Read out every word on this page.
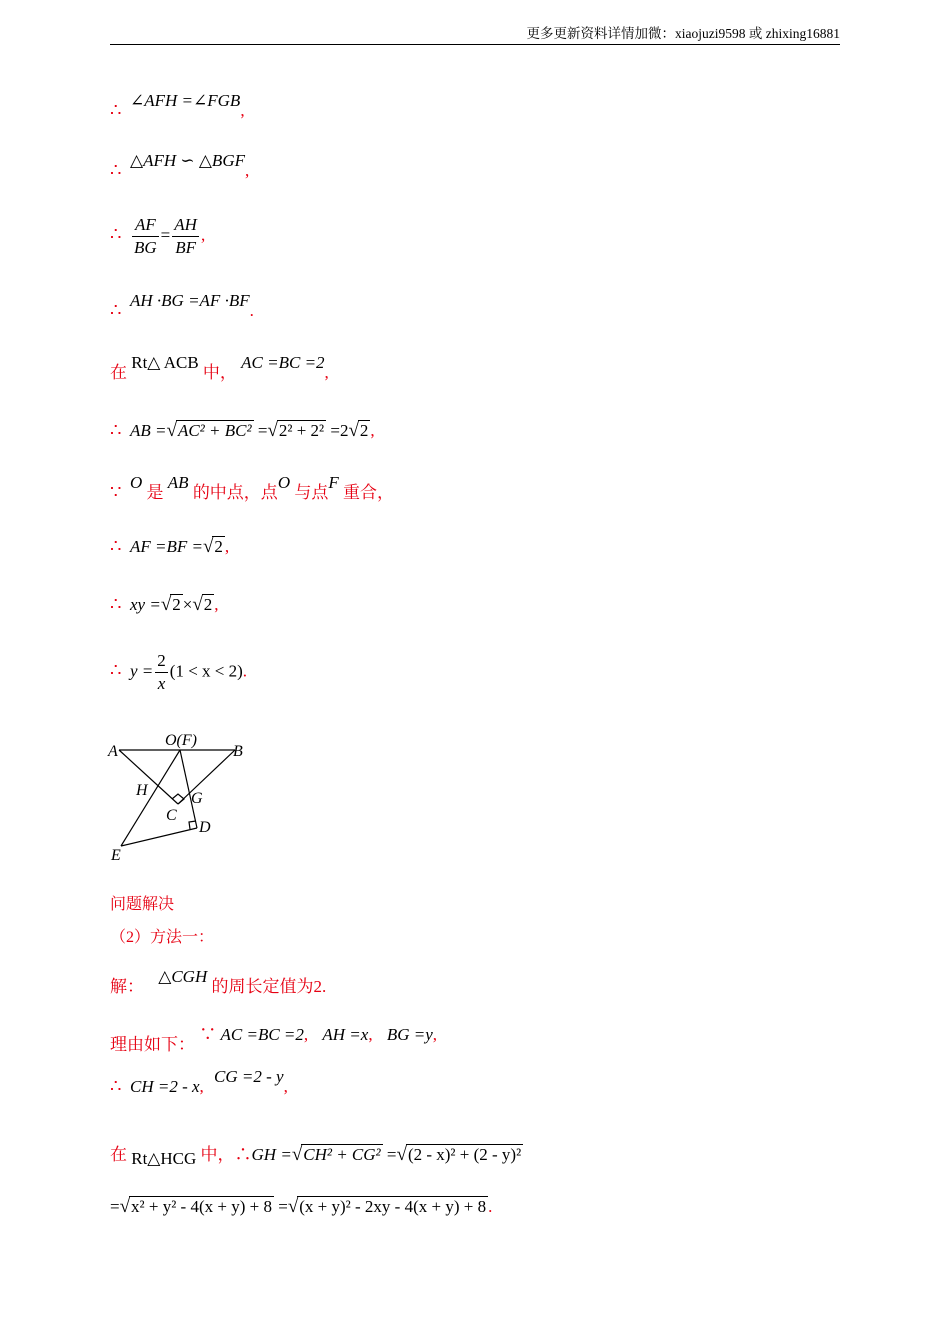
更多更新资料详情加微：xiaojuzi9598 或 zhixing16881
∴ ∠AFH =∠FGB,
∴ △AFH ∽ △BGF,
∴ $\frac{AF}{BG} = \frac{AH}{BF}$ ,
∴ AH ·BG =AF ·BF.
在 Rt△ ACB 中， AC =BC =2,
∴ AB =√AC² + BC² =√2² + 2² =2√2 ,
∵ O 是 AB 的中点，点O 与点F 重合，
∴ AF =BF =√2 ,
∴ xy =√2 ×√2 ,
∴ $y = \frac{2}{x} (1 < x < 2)$.
A	B
O(F)
H	G
C
D
E
问题解决
（2）方法一：
解： △CGH 的周长定值为2.
理由如下： ∵ AC =BC =2, AH =x, BG =y,
∴ CH =2 - x, CG =2 - y,
在 Rt△HCG 中，∴GH =√CH² + CG² =√(2 - x)² + (2 - y)²
=√x² + y² - 4(x + y) + 8 =√(x + y)² - 2xy - 4(x + y) + 8 .
